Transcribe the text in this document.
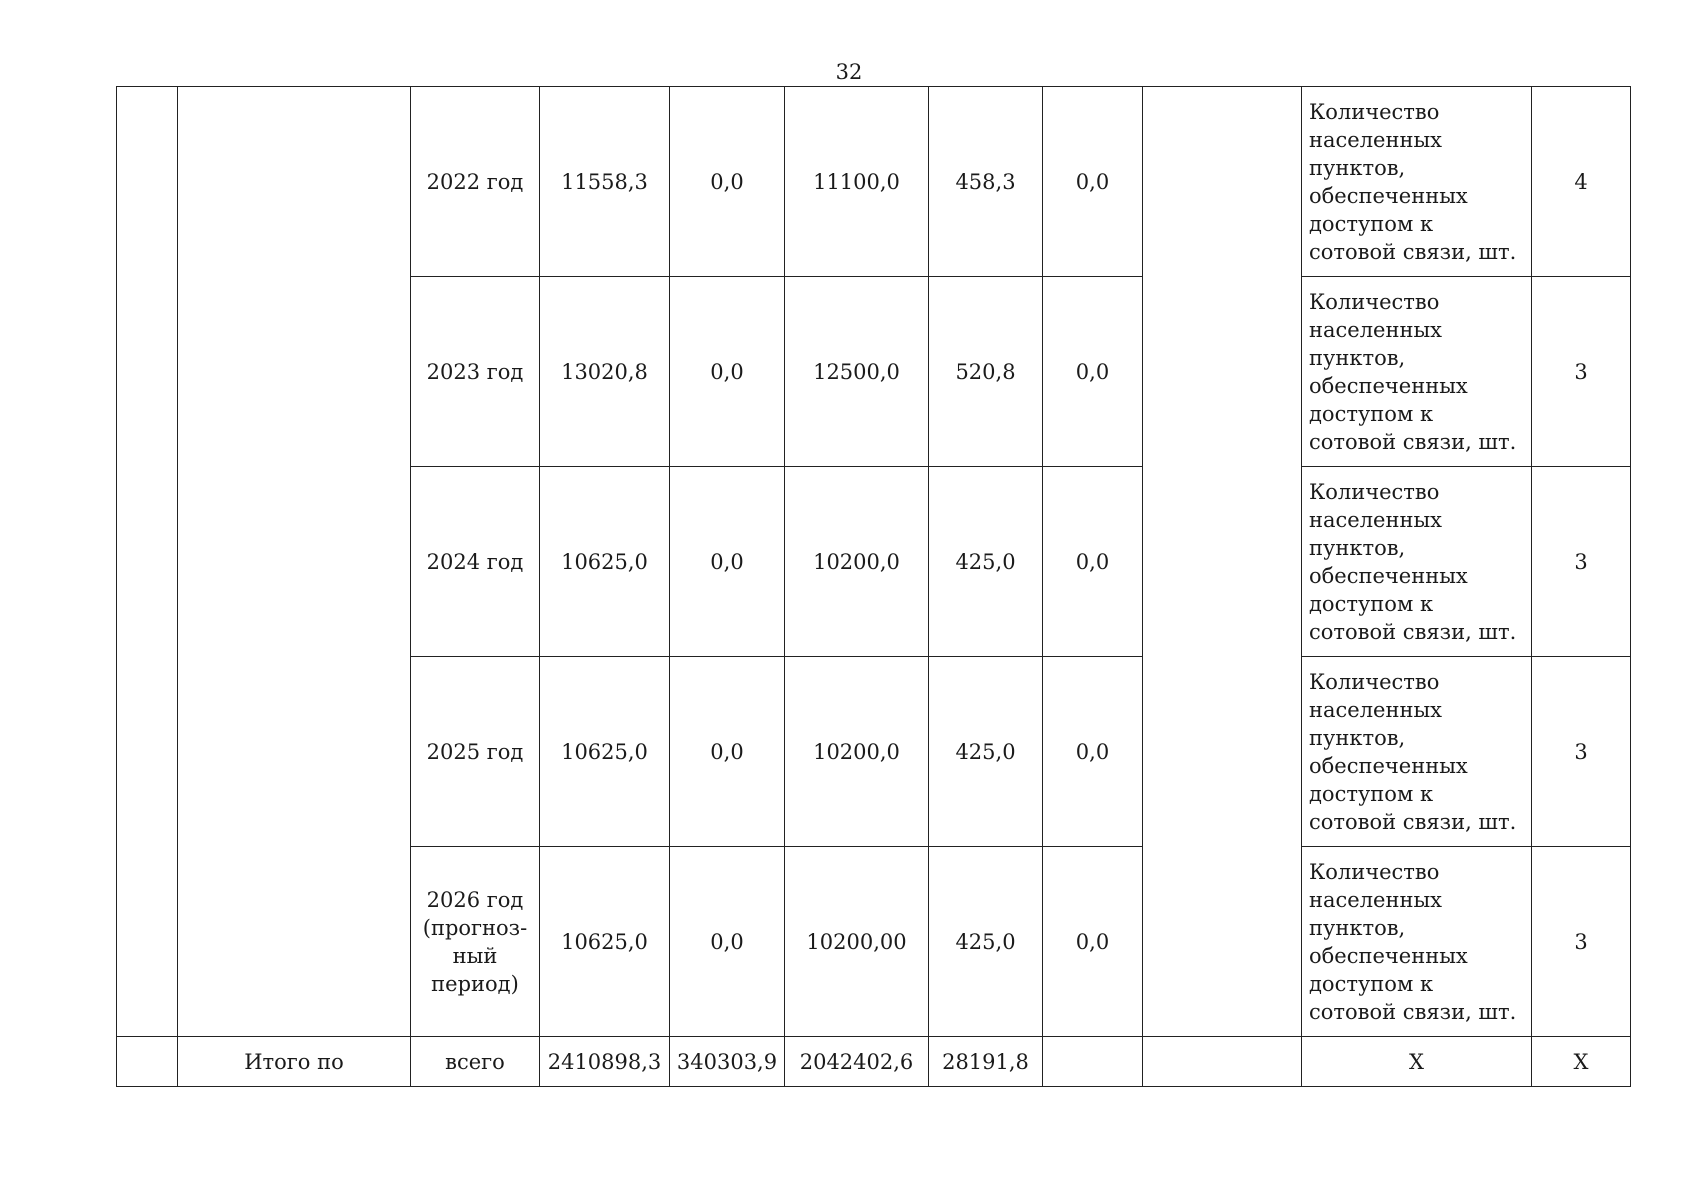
32
		2022 год	11558,3	0,0	11100,0	458,3	0,0		Количество населенных пунктов, обеспеченных доступом к сотовой связи, шт.	4
		2023 год	13020,8	0,0	12500,0	520,8	0,0		Количество населенных пунктов, обеспеченных доступом к сотовой связи, шт.	3
		2024 год	10625,0	0,0	10200,0	425,0	0,0		Количество населенных пунктов, обеспеченных доступом к сотовой связи, шт.	3
		2025 год	10625,0	0,0	10200,0	425,0	0,0		Количество населенных пунктов, обеспеченных доступом к сотовой связи, шт.	3
		2026 год (прогноз-ный период)	10625,0	0,0	10200,00	425,0	0,0		Количество населенных пунктов, обеспеченных доступом к сотовой связи, шт.	3
	Итого по	всего	2410898,3	340303,9	2042402,6	28191,8			X	X
